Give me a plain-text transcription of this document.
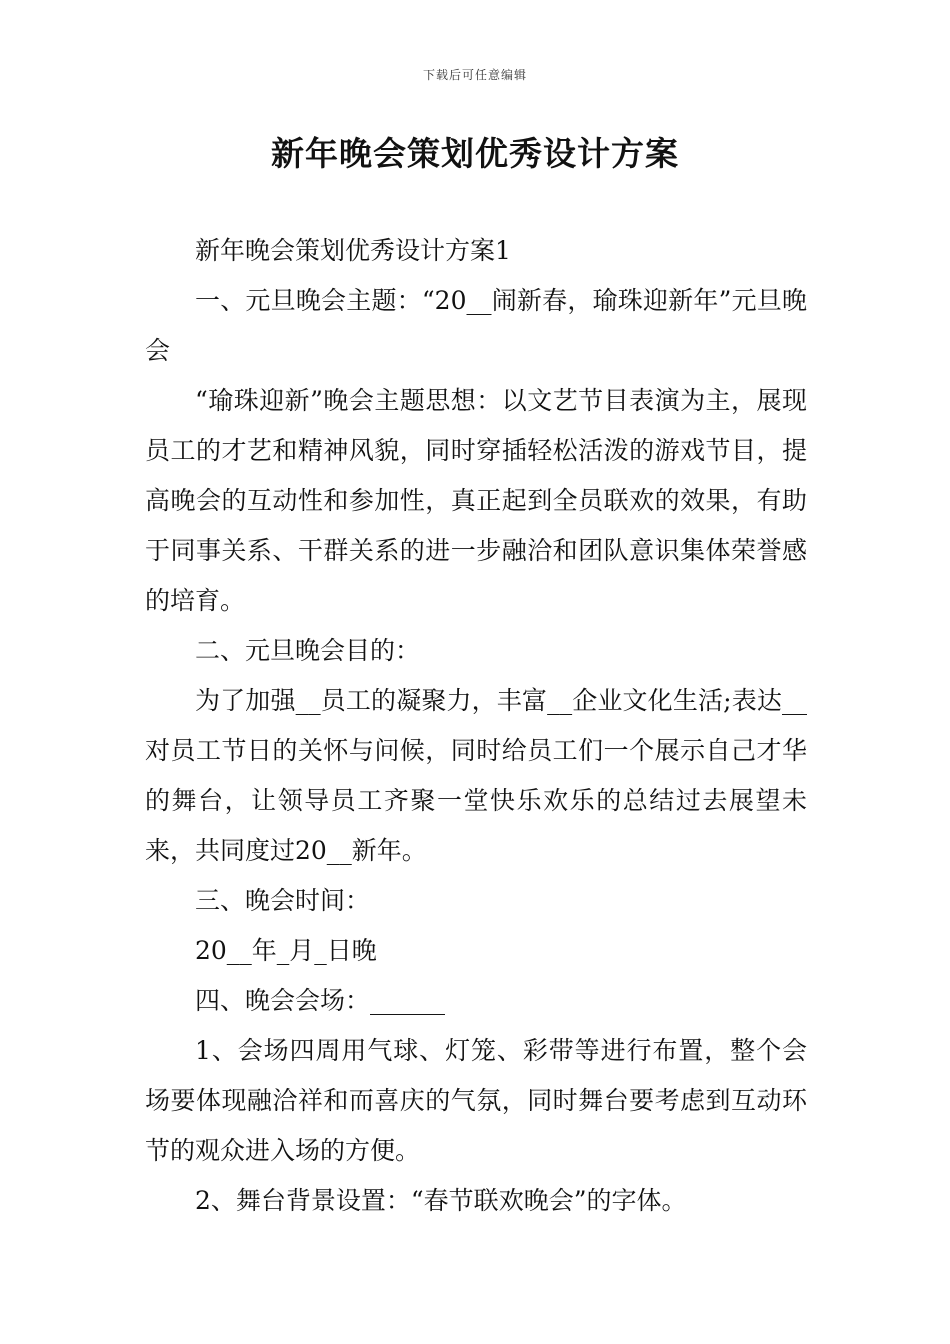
下载后可任意编辑
新年晚会策划优秀设计方案

新年晚会策划优秀设计方案1

一、元旦晚会主题：“20__闹新春，瑜珠迎新年”元旦晚会

“瑜珠迎新”晚会主题思想：以文艺节目表演为主，展现员工的才艺和精神风貌，同时穿插轻松活泼的游戏节目，提高晚会的互动性和参加性，真正起到全员联欢的效果，有助于同事关系、干群关系的进一步融洽和团队意识集体荣誉感的培育。

二、元旦晚会目的：

为了加强__员工的凝聚力，丰富__企业文化生活;表达__对员工节日的关怀与问候，同时给员工们一个展示自己才华的舞台，让领导员工齐聚一堂快乐欢乐的总结过去展望未来，共同度过20__新年。

三、晚会时间：

20__年_月_日晚

四、晚会会场：______

1、会场四周用气球、灯笼、彩带等进行布置，整个会场要体现融洽祥和而喜庆的气氛，同时舞台要考虑到互动环节的观众进入场的方便。

2、舞台背景设置：“春节联欢晚会”的字体。
